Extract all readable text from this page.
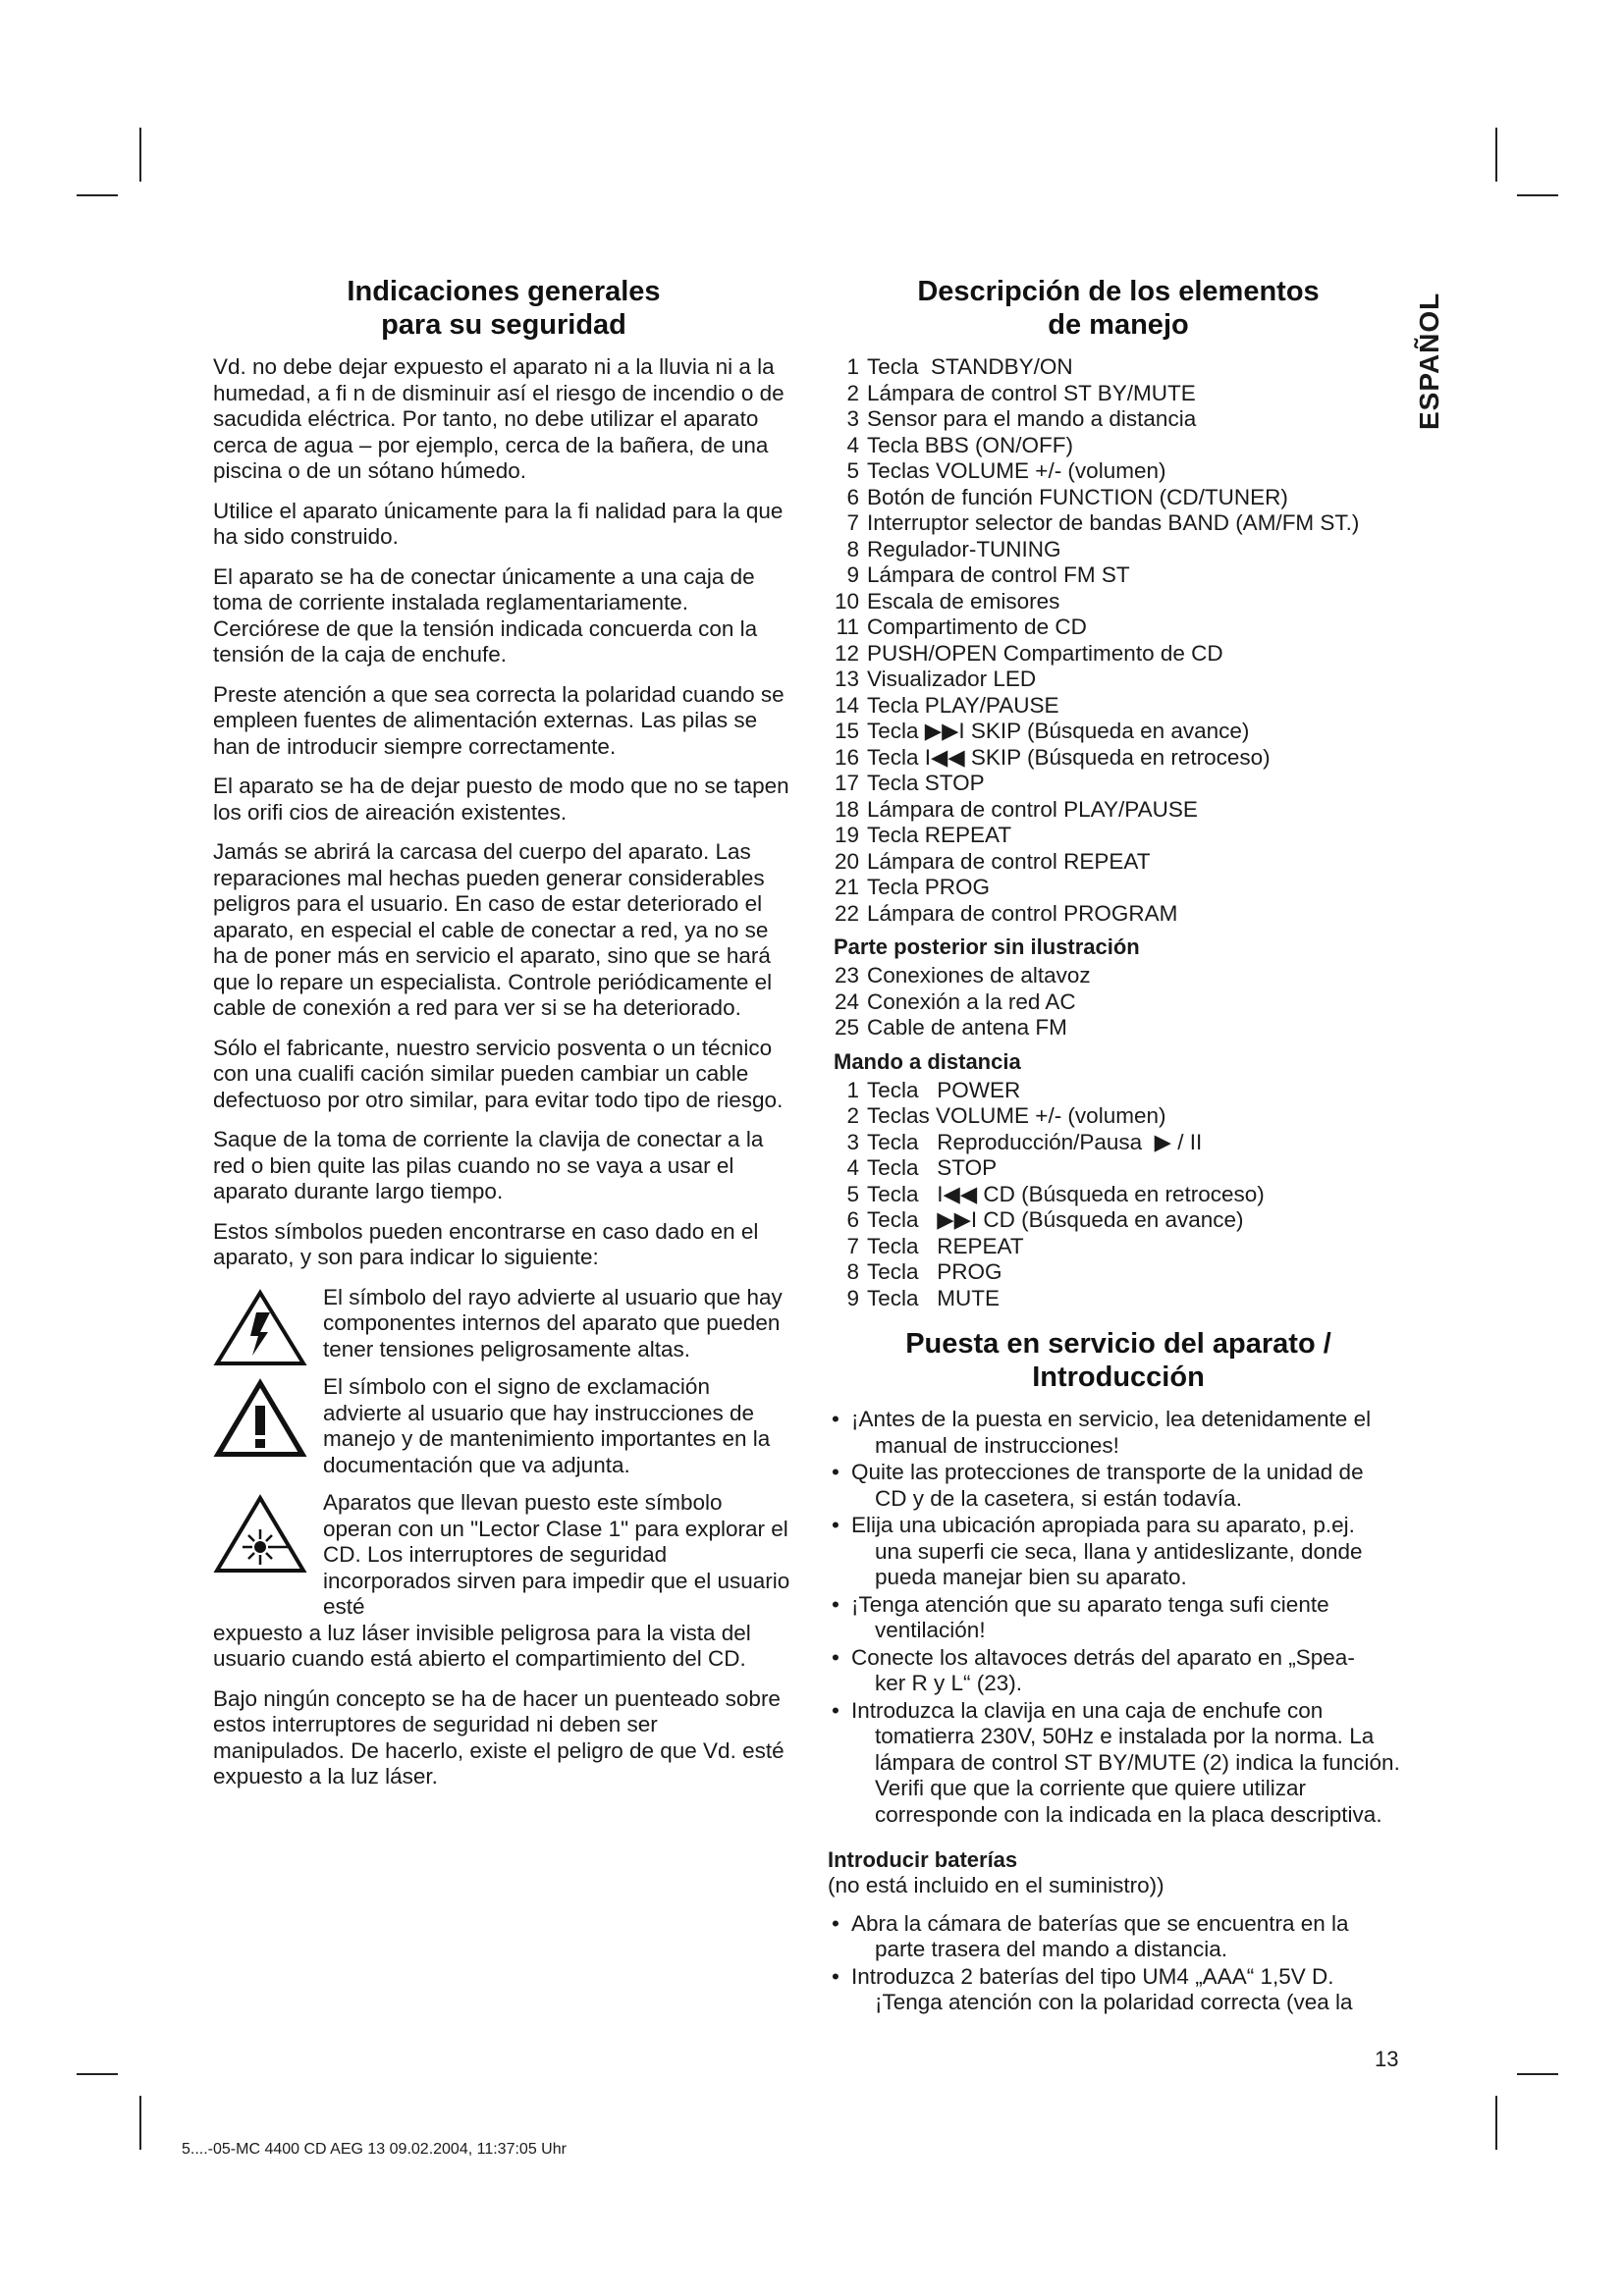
ESPAÑOL
Indicaciones generales
para su seguridad

Vd. no debe dejar expuesto el aparato ni a la lluvia ni a la humedad, a fi n de disminuir así el riesgo de incendio o de sacudida eléctrica. Por tanto, no debe utilizar el aparato cerca de agua – por ejemplo, cerca de la bañera, de una piscina o de un sótano húmedo.

Utilice el aparato únicamente para la fi nalidad para la que ha sido construido.

El aparato se ha de conectar únicamente a una caja de toma de corriente instalada reglamentariamente. Cerciórese de que la tensión indicada concuerda con la tensión de la caja de enchufe.

Preste atención a que sea correcta la polaridad cuando se empleen fuentes de alimentación externas. Las pilas se han de introducir siempre correctamente.

El aparato se ha de dejar puesto de modo que no se tapen los orifi cios de aireación existentes.

Jamás se abrirá la carcasa del cuerpo del aparato. Las reparaciones mal hechas pueden generar considerables peligros para el usuario. En caso de estar deteriorado el aparato, en especial el cable de conectar a red, ya no se ha de poner más en servicio el aparato, sino que se hará que lo repare un especialista. Controle periódicamente el cable de conexión a red para ver si se ha deteriorado.

Sólo el fabricante, nuestro servicio posventa o un técnico con una cualifi cación similar pueden cambiar un cable defectuoso por otro similar, para evitar todo tipo de riesgo.

Saque de la toma de corriente la clavija de conectar a la red o bien quite las pilas cuando no se vaya a usar el aparato durante largo tiempo.

Estos símbolos pueden encontrarse en caso dado en el aparato, y son para indicar lo siguiente:

El símbolo del rayo advierte al usuario que hay componentes internos del aparato que pueden tener tensiones peligrosamente altas.
El símbolo con el signo de exclamación advierte al usuario que hay instrucciones de manejo y de mantenimiento importantes en la documentación que va adjunta.
Aparatos que llevan puesto este símbolo operan con un "Lector Clase 1" para explorar el CD. Los interruptores de seguridad incorporados sirven para impedir que el usuario esté

expuesto a luz láser invisible peligrosa para la vista del usuario cuando está abierto el compartimiento del CD.

Bajo ningún concepto se ha de hacer un puenteado sobre estos interruptores de seguridad ni deben ser manipulados. De hacerlo, existe el peligro de que Vd. esté expuesto a la luz láser.

Descripción de los elementos
de manejo
1 Tecla  STANDBY/ON
2 Lámpara de control ST BY/MUTE
3 Sensor para el mando a distancia
4 Tecla BBS (ON/OFF)
5 Teclas VOLUME +/- (volumen)
6 Botón de función FUNCTION (CD/TUNER)
7 Interruptor selector de bandas BAND (AM/FM ST.)
8 Regulador-TUNING
9 Lámpara de control FM ST
10 Escala de emisores
11 Compartimento de CD
12 PUSH/OPEN Compartimento de CD
13 Visualizador LED
14 Tecla PLAY/PAUSE
15 Tecla ▶▶I SKIP (Búsqueda en avance)
16 Tecla I◀◀ SKIP (Búsqueda en retroceso)
17 Tecla STOP
18 Lámpara de control PLAY/PAUSE
19 Tecla REPEAT
20 Lámpara de control REPEAT
21 Tecla PROG
22 Lámpara de control PROGRAM
Parte posterior sin ilustración
23 Conexiones de altavoz
24 Conexión a la red AC
25 Cable de antena FM
Mando a distancia
1 Tecla   POWER
2 Teclas VOLUME +/- (volumen)
3 Tecla   Reproducción/Pausa  ▶ / II
4 Tecla   STOP
5 Tecla   I◀◀ CD (Búsqueda en retroceso)
6 Tecla   ▶▶I CD (Búsqueda en avance)
7 Tecla   REPEAT
8 Tecla   PROG
9 Tecla   MUTE
Puesta en servicio del aparato /
Introducción
• ¡Antes de la puesta en servicio, lea detenidamente el
manual de instrucciones!
• Quite las protecciones de transporte de la unidad de
CD y de la casetera, si están todavía.
• Elija una ubicación apropiada para su aparato, p.ej.
una superfi cie seca, llana y antideslizante, donde pueda manejar bien su aparato.
• ¡Tenga atención que su aparato tenga sufi ciente
ventilación!
• Conecte los altavoces detrás del aparato en „Spea-
ker R y L“ (23).
• Introduzca la clavija en una caja de enchufe con
tomatierra 230V, 50Hz e instalada por la norma. La lámpara de control ST BY/MUTE (2) indica la función. Verifi que que la corriente que quiere utilizar corresponde con la indicada en la placa descriptiva.
Introducir baterías

(no está incluido en el suministro))

• Abra la cámara de baterías que se encuentra en la
parte trasera del mando a distancia.
• Introduzca 2 baterías del tipo UM4 „AAA“ 1,5V D.
¡Tenga atención con la polaridad correcta (vea la
13
5....-05-MC 4400 CD AEG 13 09.02.2004, 11:37:05 Uhr
